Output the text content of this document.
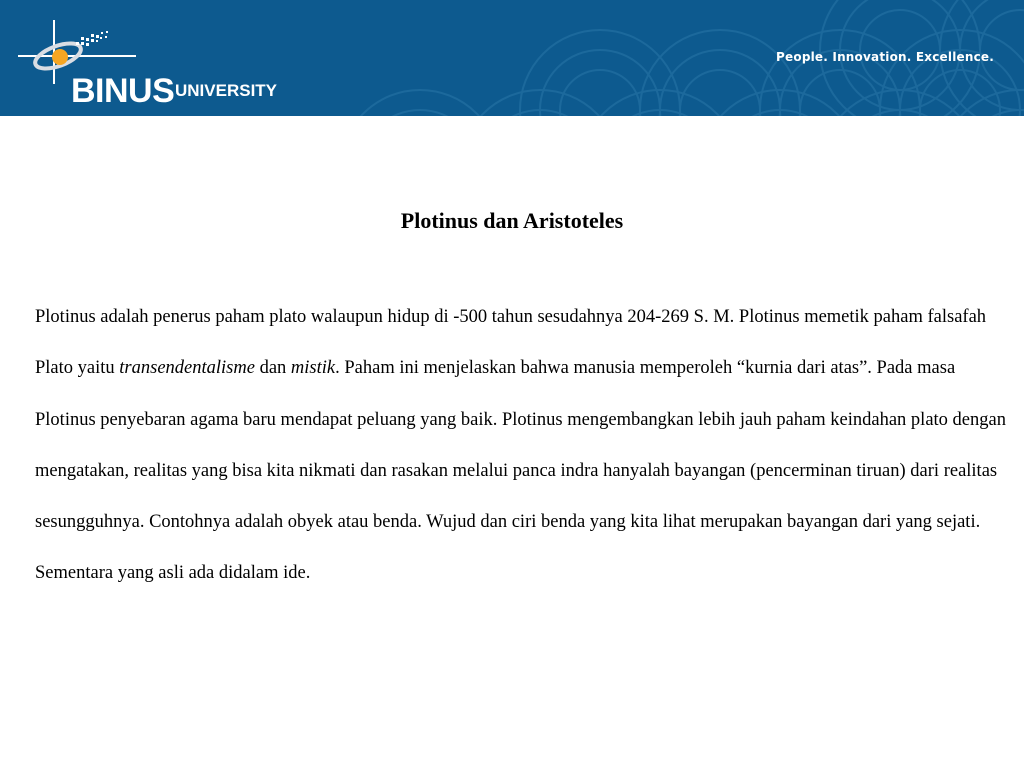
BINUS UNIVERSITY
People. Innovation. Excellence.
Plotinus dan Aristoteles

Plotinus adalah penerus paham plato walaupun hidup di -500 tahun sesudahnya 204-269 S. M. Plotinus memetik paham falsafah Plato yaitu transendentalisme dan mistik. Paham ini menjelaskan bahwa manusia memperoleh “kurnia dari atas”. Pada masa Plotinus penyebaran agama baru mendapat peluang yang baik. Plotinus mengembangkan lebih jauh paham keindahan plato dengan mengatakan, realitas yang bisa kita nikmati dan rasakan melalui panca indra hanyalah bayangan (pencerminan tiruan) dari realitas sesungguhnya. Contohnya adalah obyek atau benda. Wujud dan ciri benda yang kita lihat merupakan bayangan dari yang sejati. Sementara yang asli ada didalam ide.
